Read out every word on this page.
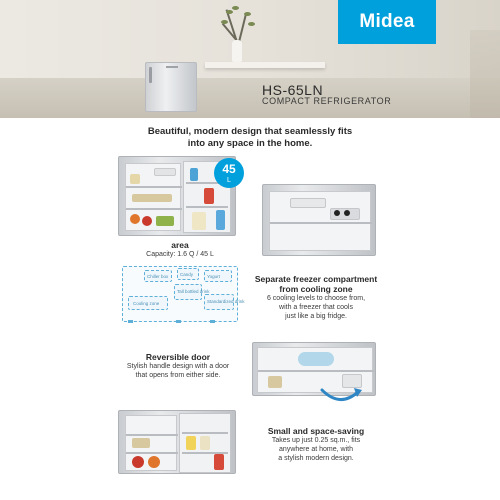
Midea
HS-65LN
COMPACT REFRIGERATOR
Beautiful, modern design that seamlessly fits
into any space in the home.
45
L
area
Capacity: 1.6 Q / 45 L
Chiller box	Candy	Yogurt
Tall bottled drink
Cooling zone	Standardized drink
Separate freezer compartment
from cooling zone
6 cooling levels to choose from,
with a freezer that cools
just like a big fridge.
Reversible door
Stylish handle design with a door
that opens from either side.
Small and space-saving
Takes up just 0.25 sq.m., fits
anywhere at home, with
a stylish modern design.
